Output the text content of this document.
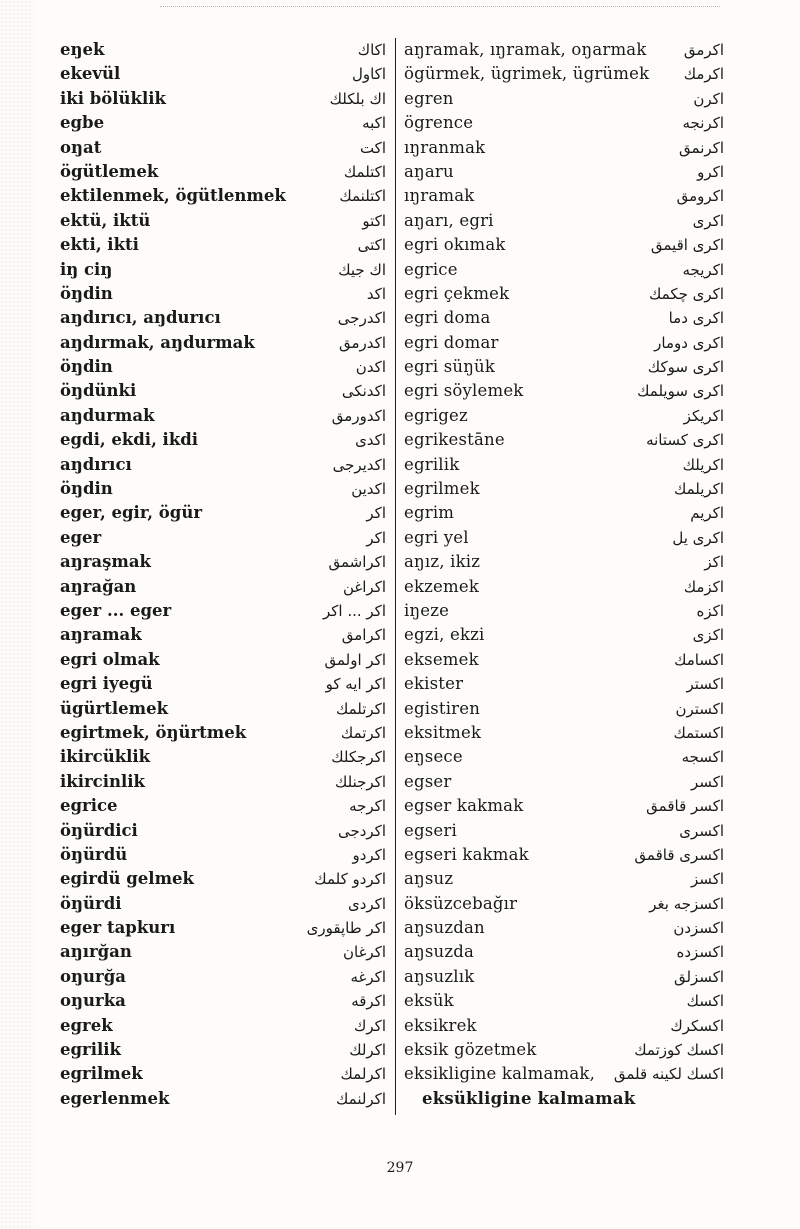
eŋek	اكاك
ekevül	اكاول
iki bölüklik	اك بلكلك
egbe	اكبه
oŋat	اكت
ögütlemek	اكتلمك
ektilenmek, ögütlenmek	اكتلنمك
ektü, iktü	اكتو
ekti, ikti	اكتى
iŋ ciŋ	اك جيك
öŋdin	اكد
aŋdırıcı, aŋdurıcı	اكدرجى
aŋdırmak, aŋdurmak	اكدرمق
öŋdin	اكدن
öŋdünki	اكدنكى
aŋdurmak	اكدورمق
egdi, ekdi, ikdi	اكدى
aŋdırıcı	اكديرجى
öŋdin	اكدين
eger, egir, ögür	اكر
eger	اكر
aŋraşmak	اكراشمق
aŋrağan	اكراغن
eger ... eger	اكر ... اكر
aŋramak	اكرامق
egri olmak	اكر اولمق
egri iyegü	اكر ايه كو
ügürtlemek	اكرتلمك
egirtmek, öŋürtmek	اكرتمك
ikircüklik	اكرجكلك
ikircinlik	اكرجنلك
egrice	اكرجه
öŋürdici	اكردجى
öŋürdü	اكردو
egirdü gelmek	اكردو كلمك
öŋürdi	اكردى
eger tapkurı	اكر طاپقورى
aŋırğan	اكرغان
oŋurğa	اكرغه
oŋurka	اكرقه
egrek	اكرك
egrilik	اكرلك
egrilmek	اكرلمك
egerlenmek	اكرلنمك
aŋramak, ıŋramak, oŋarmak اكرمق
ögürmek, ügrimek, ügrümek اكرمك
egren	اكرن
ögrence	اكرنجه
ıŋranmak	اكرنمق
aŋaru	اكرو
ıŋramak	اكرومق
aŋarı, egri	اكرى
egri okımak	اكرى اقيمق
egrice	اكريجه
egri çekmek	اكرى چكمك
egri doma	اكرى دما
egri domar	اكرى دومار
egri süŋük	اكرى سوكك
egri söylemek	اكرى سويلمك
egrigez	اكريكز
egrikestāne	اكرى كستانه
egrilik	اكريلك
egrilmek	اكريلمك
egrim	اكريم
egri yel	اكرى يل
aŋız, ikiz	اكز
ekzemek	اكزمك
iŋeze	اكزه
egzi, ekzi	اكزى
eksemek	اكسامك
ekister	اكستر
egistiren	اكسترن
eksitmek	اكستمك
eŋsece	اكسجه
egser	اكسر
egser kakmak	اكسر قاقمق
egseri	اكسرى
egseri kakmak	اكسرى قاقمق
aŋsuz	اكسز
öksüzcebağır	اكسزجه بغر
aŋsuzdan	اكسزدن
aŋsuzda	اكسزده
aŋsuzlık	اكسزلق
eksük	اكسك
eksikrek	اكسكرك
eksik gözetmek	اكسك كوزتمك
eksikligine kalmamak, اكسك لكينه قلمق
eksükligine kalmamak
297
